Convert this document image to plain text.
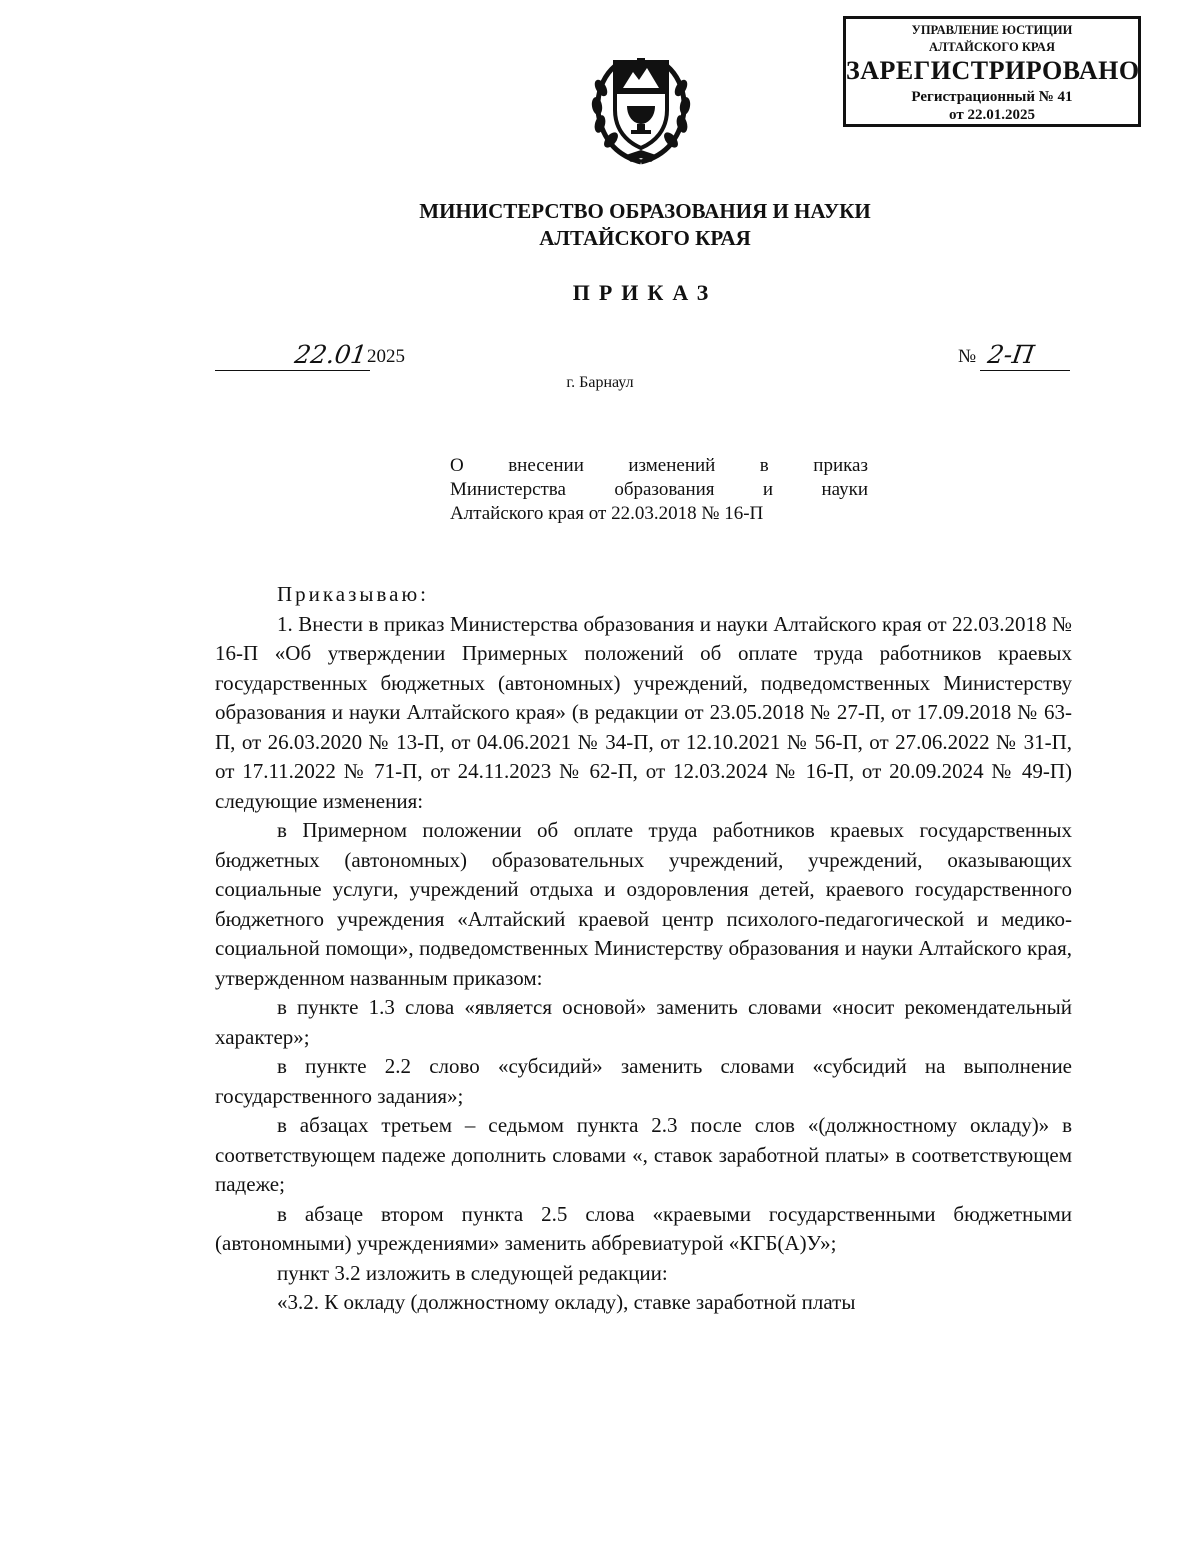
УПРАВЛЕНИЕ ЮСТИЦИИ
АЛТАЙСКОГО КРАЯ
ЗАРЕГИСТРИРОВАНО
Регистрационный № 41
от 22.01.2025
МИНИСТЕРСТВО ОБРАЗОВАНИЯ И НАУКИ
АЛТАЙСКОГО КРАЯ
ПРИКАЗ
22.01
2025	№ 2-П
г. Барнаул
О внесении изменений в приказ
Министерства образования и науки
Алтайского края от 22.03.2018 № 16-П

Приказываю:

1. Внести в приказ Министерства образования и науки Алтайского края от 22.03.2018 № 16-П «Об утверждении Примерных положений об оплате труда работников краевых государственных бюджетных (автономных) учреждений, подведомственных Министерству образования и науки Алтайского края» (в редакции от 23.05.2018 № 27-П, от 17.09.2018 № 63-П, от 26.03.2020 № 13-П, от 04.06.2021 № 34-П, от 12.10.2021 № 56-П, от 27.06.2022 № 31-П, от 17.11.2022 № 71-П, от 24.11.2023 № 62-П, от 12.03.2024 № 16-П, от 20.09.2024 № 49-П) следующие изменения:

в Примерном положении об оплате труда работников краевых государственных бюджетных (автономных) образовательных учреждений, учреждений, оказывающих социальные услуги, учреждений отдыха и оздоровления детей, краевого государственного бюджетного учреждения «Алтайский краевой центр психолого-педагогической и медико-социальной помощи», подведомственных Министерству образования и науки Алтайского края, утвержденном названным приказом:

в пункте 1.3 слова «является основой» заменить словами «носит рекомендательный характер»;

в пункте 2.2 слово «субсидий» заменить словами «субсидий на выполнение государственного задания»;

в абзацах третьем – седьмом пункта 2.3 после слов «(должностному окладу)» в соответствующем падеже дополнить словами «, ставок заработной платы» в соответствующем падеже;

в абзаце втором пункта 2.5 слова «краевыми государственными бюджетными (автономными) учреждениями» заменить аббревиатурой «КГБ(А)У»;

пункт 3.2 изложить в следующей редакции:

«3.2. К окладу (должностному окладу), ставке заработной платы
